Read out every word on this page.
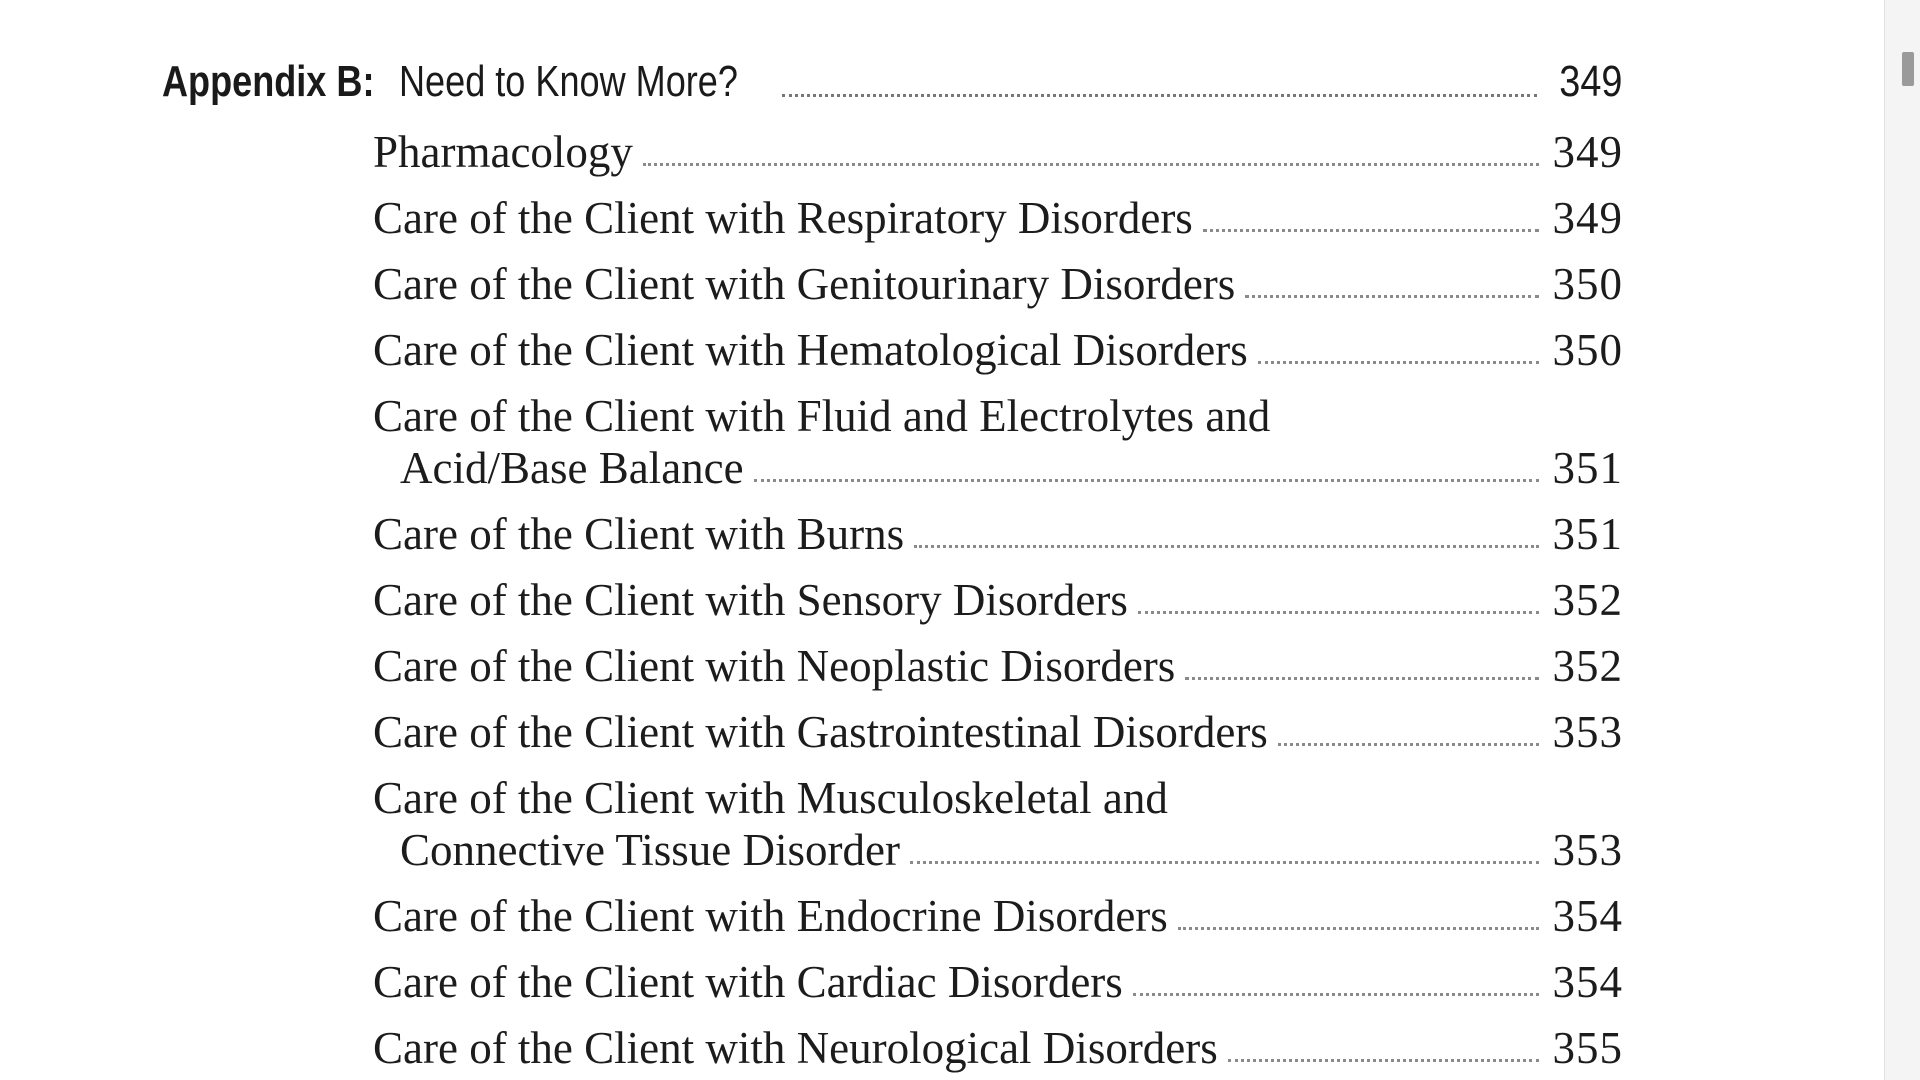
Appendix B: Need to Know More?	349
Pharmacology	349
Care of the Client with Respiratory Disorders	349
Care of the Client with Genitourinary Disorders	350
Care of the Client with Hematological Disorders	350
Care of the Client with Fluid and Electrolytes and
Acid/Base Balance	351
Care of the Client with Burns	351
Care of the Client with Sensory Disorders	352
Care of the Client with Neoplastic Disorders	352
Care of the Client with Gastrointestinal Disorders	353
Care of the Client with Musculoskeletal and
Connective Tissue Disorder	353
Care of the Client with Endocrine Disorders	354
Care of the Client with Cardiac Disorders	354
Care of the Client with Neurological Disorders	355
